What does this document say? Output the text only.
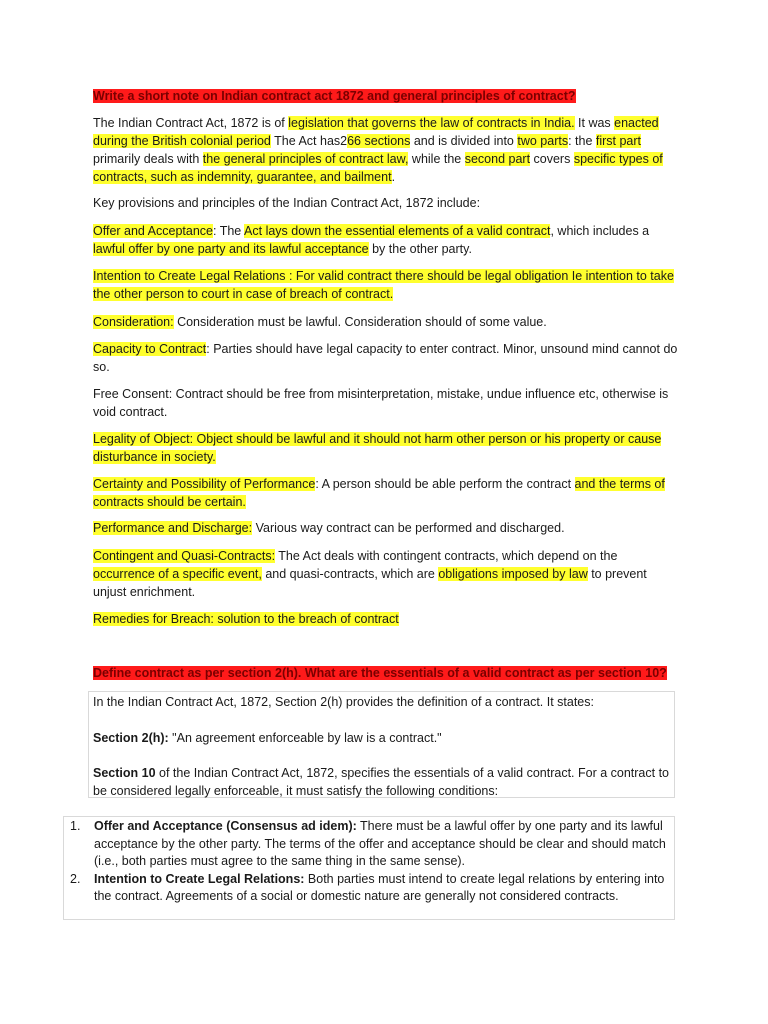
Write a short note on Indian contract act 1872 and general principles of contract?

The Indian Contract Act, 1872 is of legislation that governs the law of contracts in India. It was enacted during the British colonial period The Act has266 sections and is divided into two parts: the first part primarily deals with the general principles of contract law, while the second part covers specific types of contracts, such as indemnity, guarantee, and bailment.

Key provisions and principles of the Indian Contract Act, 1872 include:

Offer and Acceptance: The Act lays down the essential elements of a valid contract, which includes a lawful offer by one party and its lawful acceptance by the other party.

Intention to Create Legal Relations : For valid contract there should be legal obligation Ie intention to take the other person to court in case of breach of contract.

Consideration: Consideration must be lawful. Consideration should of some value.

Capacity to Contract: Parties should have legal capacity to enter contract. Minor, unsound mind cannot do so.

Free Consent: Contract should be free from misinterpretation, mistake, undue influence etc, otherwise is void contract.

Legality of Object: Object should be lawful and it should not harm other person or his property or cause disturbance in society.

Certainty and Possibility of Performance: A person should be able perform the contract and the terms of contracts should be certain.

Performance and Discharge: Various way contract can be performed and discharged.

Contingent and Quasi-Contracts: The Act deals with contingent contracts, which depend on the occurrence of a specific event, and quasi-contracts, which are obligations imposed by law to prevent unjust enrichment.

Remedies for Breach: solution to the breach of contract

Define contract as per section 2(h). What are the essentials of a valid contract as per section 10?

In the Indian Contract Act, 1872, Section 2(h) provides the definition of a contract. It states:

Section 2(h): "An agreement enforceable by law is a contract."

Section 10 of the Indian Contract Act, 1872, specifies the essentials of a valid contract. For a contract to be considered legally enforceable, it must satisfy the following conditions:

1. Offer and Acceptance (Consensus ad idem): There must be a lawful offer by one party and its lawful acceptance by the other party. The terms of the offer and acceptance should be clear and should match (i.e., both parties must agree to the same thing in the same sense).
2. Intention to Create Legal Relations: Both parties must intend to create legal relations by entering into the contract. Agreements of a social or domestic nature are generally not considered contracts.
